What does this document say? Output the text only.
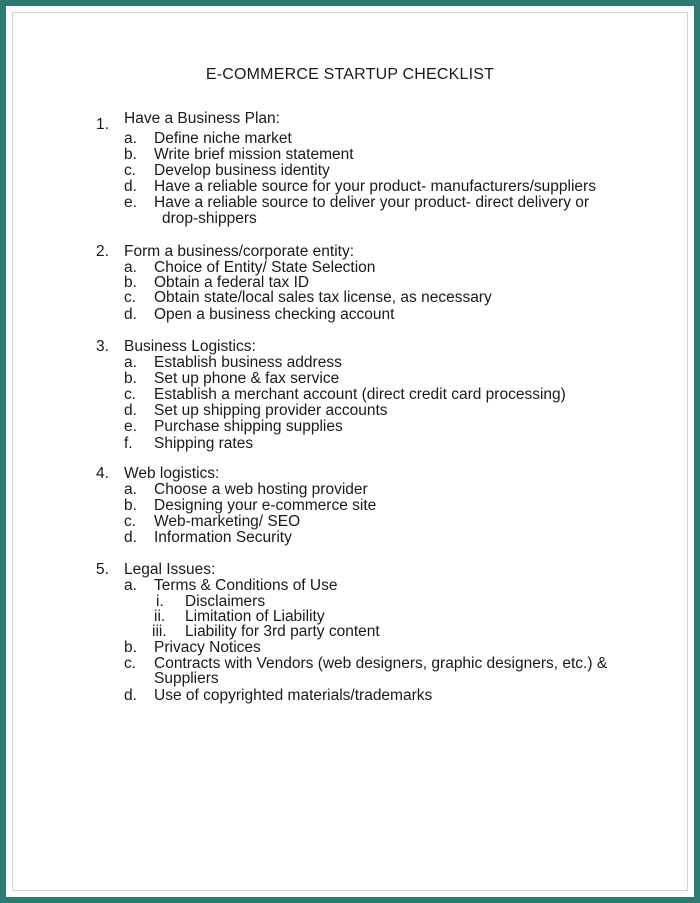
E-COMMERCE STARTUP CHECKLIST
1. Have a Business Plan:
a. Define niche market
b. Write brief mission statement
c. Develop business identity
d. Have a reliable source for your product- manufacturers/suppliers
e. Have a reliable source to deliver your product- direct delivery or
drop-shippers
2. Form a business/corporate entity:
a. Choice of Entity/ State Selection
b. Obtain a federal tax ID
c. Obtain state/local sales tax license, as necessary
d. Open a business checking account
3. Business Logistics:
a. Establish business address
b. Set up phone & fax service
c. Establish a merchant account (direct credit card processing)
d. Set up shipping provider accounts
e. Purchase shipping supplies
f. Shipping rates
4. Web logistics:
a. Choose a web hosting provider
b. Designing your e-commerce site
c. Web-marketing/ SEO
d. Information Security
5. Legal Issues:
a. Terms & Conditions of Use
i. Disclaimers
ii. Limitation of Liability
iii. Liability for 3rd party content
b. Privacy Notices
c. Contracts with Vendors (web designers, graphic designers, etc.) &
Suppliers
d. Use of copyrighted materials/trademarks
